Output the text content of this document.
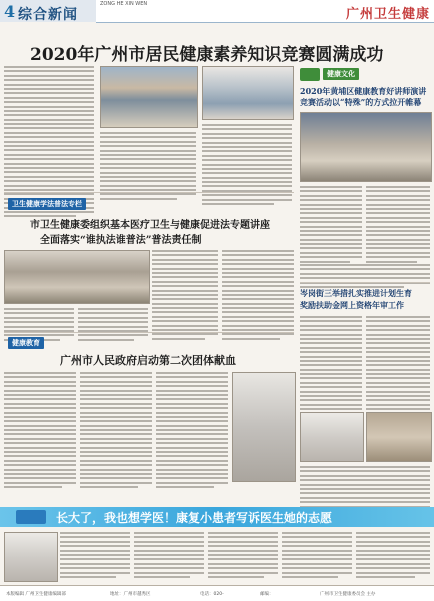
4 综合新闻
ZONG HE XIN WEN
广州卫生健康
2020年广州市居民健康素养知识竞赛圆满成功
健康文化
2020年黄埔区健康教育好讲师演讲竞赛活动以“特殊”的方式拉开帷幕
卫生健康学法普法专栏
市卫生健康委组织基本医疗卫生与健康促进法专题讲座
全面落实“谁执法谁普法”普法责任制
岑岗街三举措扎实推进计划生育
奖励扶助金网上资格年审工作
健康教育
广州市人民政府启动第二次团体献血
长大了，我也想学医！康复小患者写诉医生她的志愿
本版编辑 广州卫生健康编辑部	地址：广州市越秀区	电话：020-	邮编：	广州市卫生健康委员会 主办
